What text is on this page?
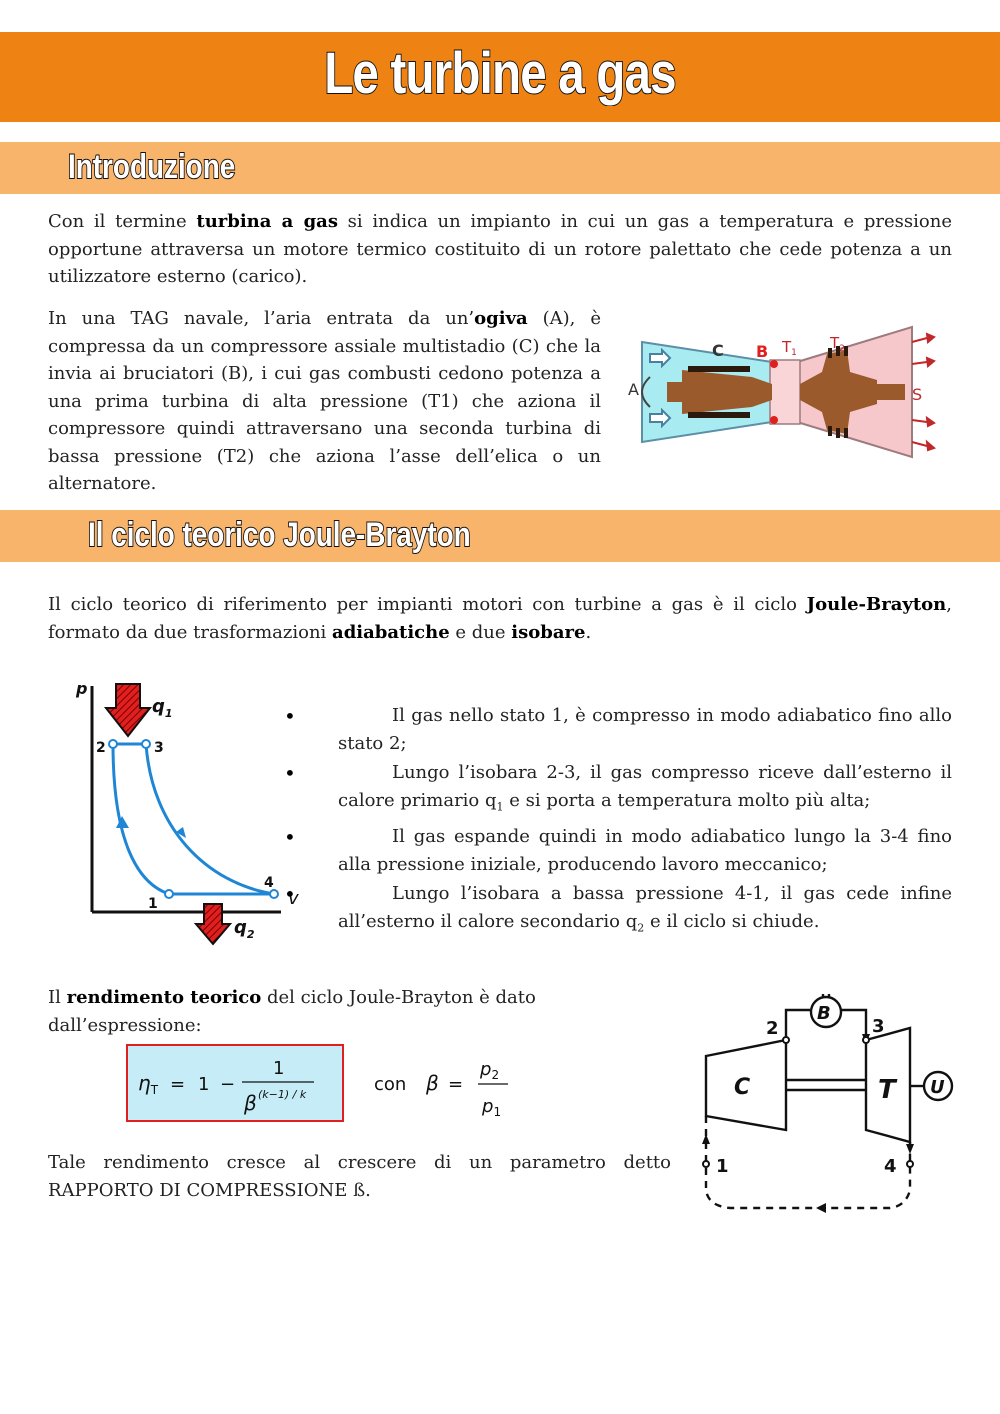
Le turbine a gas
Introduzione

Con il termine turbina a gas si indica un impianto in cui un gas a temperatura e pressione opportune attraversa un motore termico costituito di un rotore palettato che cede potenza a un utilizzatore esterno (carico).

In una TAG navale, l’aria entrata da un’ogiva (A), è compressa da un compressore assiale multistadio (C) che la invia ai bruciatori (B), i cui gas combusti cedono potenza a una prima turbina di alta pressione (T1) che aziona il compressore quindi attraversano una seconda turbina di bassa pressione (T2) che aziona l’asse dell’elica o un alternatore.

A
C B $T_1$
$T_2$
S
Il ciclo teorico Joule-Brayton

Il ciclo teorico di riferimento per impianti motori con turbine a gas è il ciclo Joule-Brayton, formato da due trasformazioni adiabatiche e due isobare.

p
v
$q_1$
$q_2$
1
2	3
4
• Il gas nello stato 1, è compresso in modo adiabatico fino allo stato 2;
• Lungo l’isobara 2-3, il gas compresso riceve dall’esterno il calore primario $q_1$ e si porta a temperatura molto più alta;
• Il gas espande quindi in modo adiabatico lungo la 3-4 fino alla pressione iniziale, producendo lavoro meccanico;
• Lungo l’isobara a bassa pressione 4-1, il gas cede infine all’esterno il calore secondario $q_2$ e il ciclo si chiude.

Il rendimento teorico del ciclo Joule-Brayton è dato dall’espressione:

$\eta_T = 1$ −
1
β (k−1) / k	con β =
$p_2$
$p_1$

Tale rendimento cresce al crescere di un parametro detto RAPPORTO DI COMPRESSIONE ß.

C	T
B
U
1
2	3
4
